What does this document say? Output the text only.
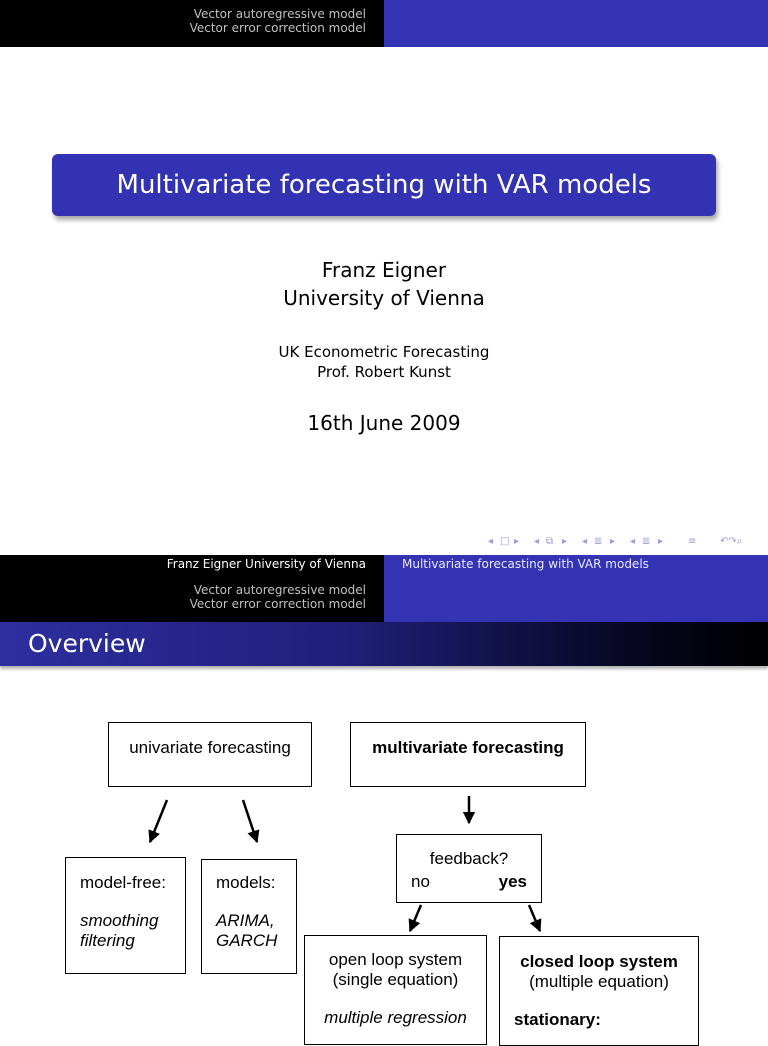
Vector autoregressive model
Vector error correction model
Multivariate forecasting with VAR models
Franz Eigner
University of Vienna
UK Econometric Forecasting
Prof. Robert Kunst
16th June 2009
◂ □ ▸ ◂ ⧉ ▸ ◂ ≣ ▸ ◂ ≣ ▸ ≡ ↶↷⌕
Franz Eigner University of Vienna
Vector autoregressive model
Vector error correction model
Multivariate forecasting with VAR models
Overview
univariate forecasting	multivariate forecasting
model-free:
smoothing
filtering
models:
ARIMA,
GARCH
feedback?
no	yes
open loop system
(single equation)
multiple regression
closed loop system
(multiple equation)
stationary:
